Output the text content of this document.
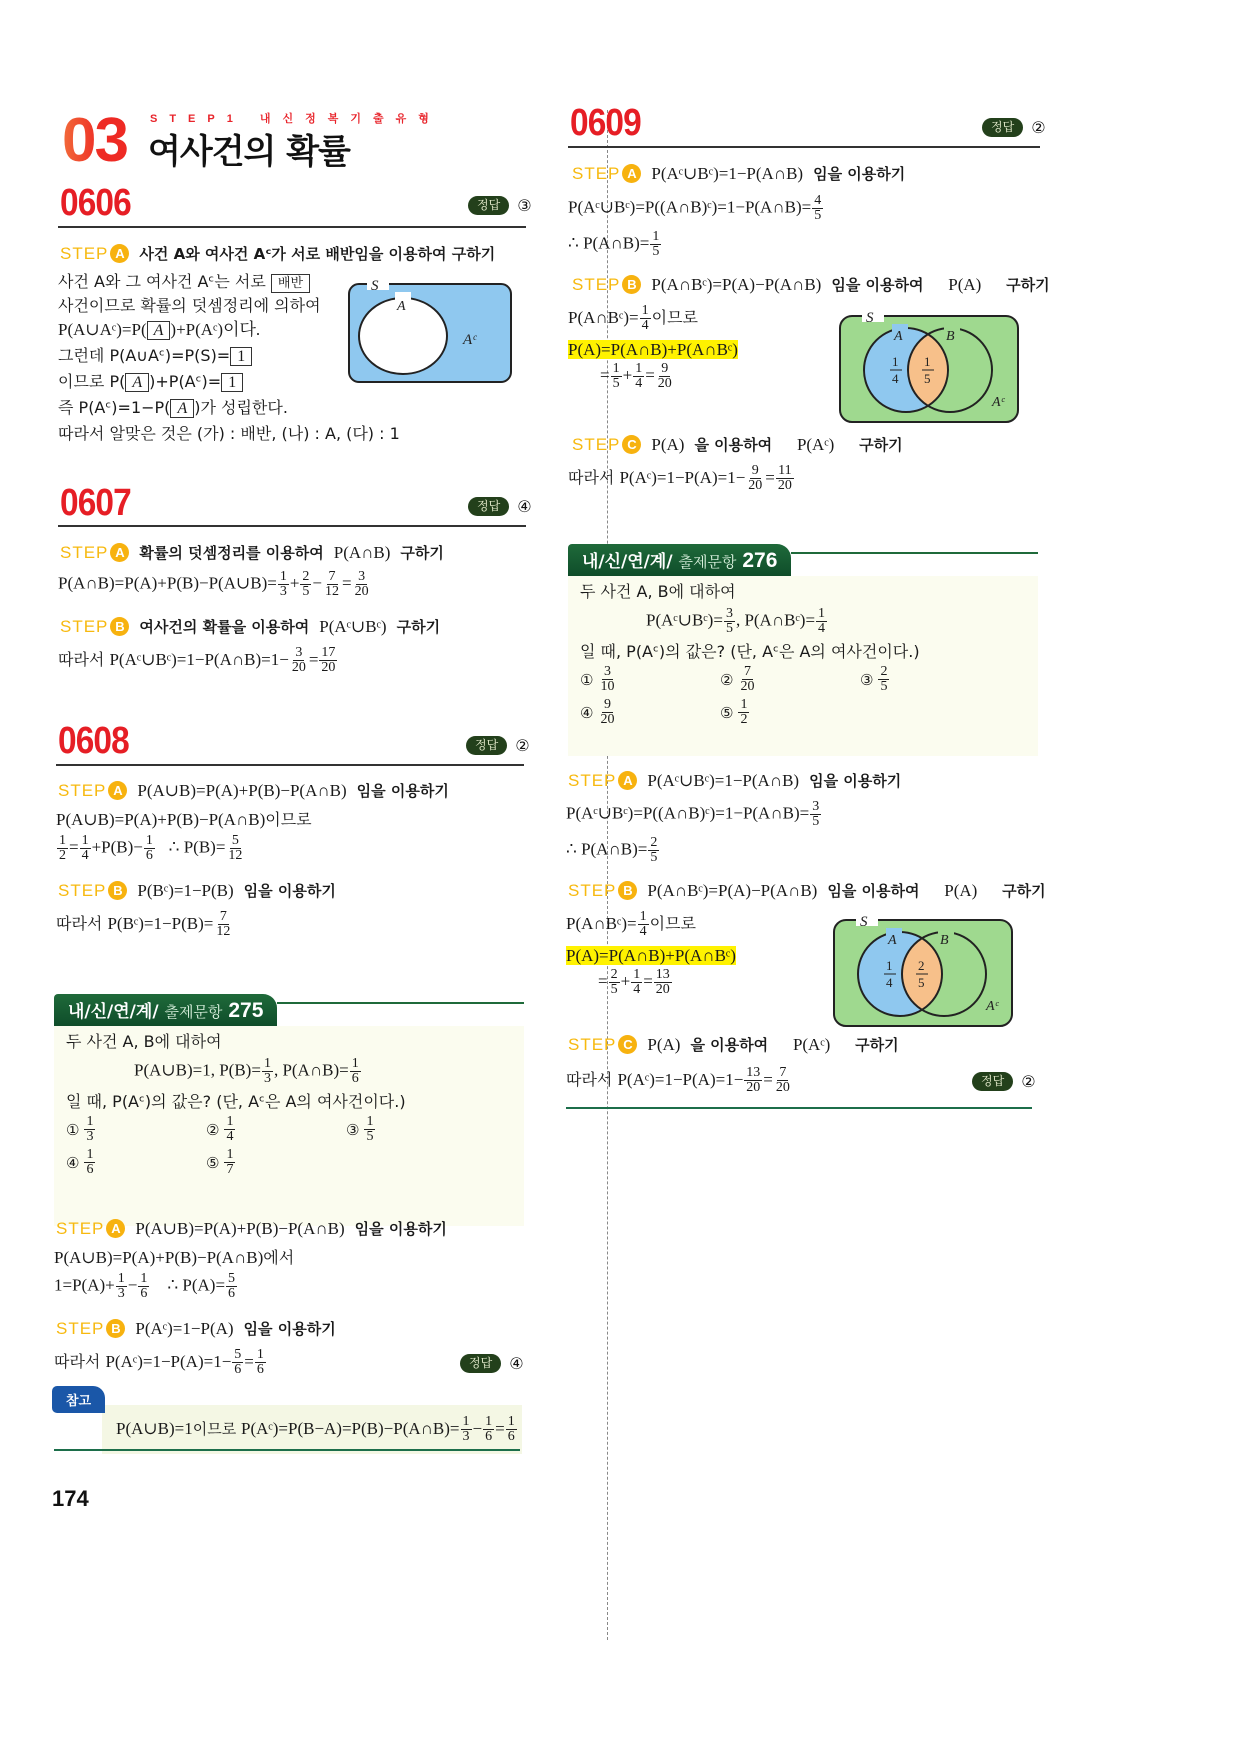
03 STEP1 내신정복기출유형
여사건의 확률
0606	정답	③
STEP A 사건 A와 여사건 Aᶜ가 서로 배반임을 이용하여 구하기
사건 A와 그 여사건 Aᶜ는 서로 배반
사건이므로 확률의 덧셈정리에 의하여
P(A∪Aᶜ)=P( A )+P(Aᶜ)이다.
그런데 P(A∪Aᶜ)=P(S)= 1
이므로 P( A )+P(Aᶜ)= 1
즉 P(Aᶜ)=1−P( A )가 성립한다.
따라서 알맞은 것은 (가) : 배반, (나) : A, (다) : 1
S
A
Aᶜ
0607	정답	④
STEP A 확률의 덧셈정리를 이용하여 P(A∩B) 구하기
P(A∩B)=P(A)+P(B)−P(A∪B)= $\frac{1}{3} + \frac{2}{5} - \frac{7}{12} = \frac{3}{20}$
STEP B 여사건의 확률을 이용하여 P(Aᶜ∪Bᶜ) 구하기
따라서 P(Aᶜ∪Bᶜ)=1−P(A∩B)=1− $\frac{3}{20} = \frac{17}{20}$
0608	정답	②
STEP A P(A∪B)=P(A)+P(B)−P(A∩B) 임을 이용하기
P(A∪B)=P(A)+P(B)−P(A∩B)이므로
$\frac{1}{2} = \frac{1}{4} +P(B)- \frac{1}{6}$ ∴ $P(B)= \frac{5}{12}$
STEP B P(Bᶜ)=1−P(B) 임을 이용하기
따라서 P(Bᶜ)=1−P(B)= $\frac{7}{12}$
내/신/연/계/ 출제문항 275
두 사건 A, B에 대하여
P(A∪B)=1, $P(B)= \frac{1}{3}$ , P(A∩B)= $\frac{1}{6}$
일 때, P(Aᶜ)의 값은? (단, Aᶜ은 A의 여사건이다.)
① $\frac{1}{3}$	② $\frac{1}{4}$	③ $\frac{1}{5}$
④ $\frac{1}{6}$	⑤ $\frac{1}{7}$
STEP A P(A∪B)=P(A)+P(B)−P(A∩B) 임을 이용하기
P(A∪B)=P(A)+P(B)−P(A∩B)에서
$1=P(A)+ \frac{1}{3} - \frac{1}{6}$ ∴ $P(A)= \frac{5}{6}$
STEP B P(Aᶜ)=1−P(A) 임을 이용하기
따라서 P(Aᶜ)=1−P(A)=1− $\frac{5}{6} = \frac{1}{6}$	정답	④
참고
P(A∪B)=1이므로 P(Aᶜ)=P(B−A)=P(B)−P(A∩B)= $\frac{1}{3} - \frac{1}{6} = \frac{1}{6}$
174
0609	정답	②
STEP A P(Aᶜ∪Bᶜ)=1−P(A∩B) 임을 이용하기
P(Aᶜ∪Bᶜ)=P((A∩B)ᶜ)=1−P(A∩B)= $\frac{4}{5}$
∴ P(A∩B)= $\frac{1}{5}$
STEP B P(A∩Bᶜ)=P(A)−P(A∩B) 임을 이용하여
P(A)
구하기
P(A∩Bᶜ)= $\frac{1}{4}$ 이므로
P(A)=P(A∩B)+P(A∩Bᶜ)
= $\frac{1}{5} + \frac{1}{4} = \frac{9}{20}$
S
A	B
1
4
1
5
Aᶜ
STEP C P(A) 을 이용하여
P(Aᶜ)
구하기
따라서 P(Aᶜ)=1−P(A)=1− $\frac{9}{20} = \frac{11}{20}$
내/신/연/계/ 출제문항 276
두 사건 A, B에 대하여
P(Aᶜ∪Bᶜ)= $\frac{3}{5}$ , P(A∩Bᶜ)= $\frac{1}{4}$
일 때, P(Aᶜ)의 값은? (단, Aᶜ은 A의 여사건이다.)
① $\frac{3}{10}$	② $\frac{7}{20}$	③ $\frac{2}{5}$
④ $\frac{9}{20}$	⑤ $\frac{1}{2}$
STEP A P(Aᶜ∪Bᶜ)=1−P(A∩B) 임을 이용하기
P(Aᶜ∪Bᶜ)=P((A∩B)ᶜ)=1−P(A∩B)= $\frac{3}{5}$
∴ P(A∩B)= $\frac{2}{5}$
STEP B P(A∩Bᶜ)=P(A)−P(A∩B) 임을 이용하여
P(A)
구하기
P(A∩Bᶜ)= $\frac{1}{4}$ 이므로
P(A)=P(A∩B)+P(A∩Bᶜ)
= $\frac{2}{5} + \frac{1}{4} = \frac{13}{20}$
S
A	B
1
4
2
5
Aᶜ
STEP C P(A) 을 이용하여
P(Aᶜ)
구하기
따라서 P(Aᶜ)=1−P(A)=1− $\frac{13}{20} = \frac{7}{20}$	정답	②
